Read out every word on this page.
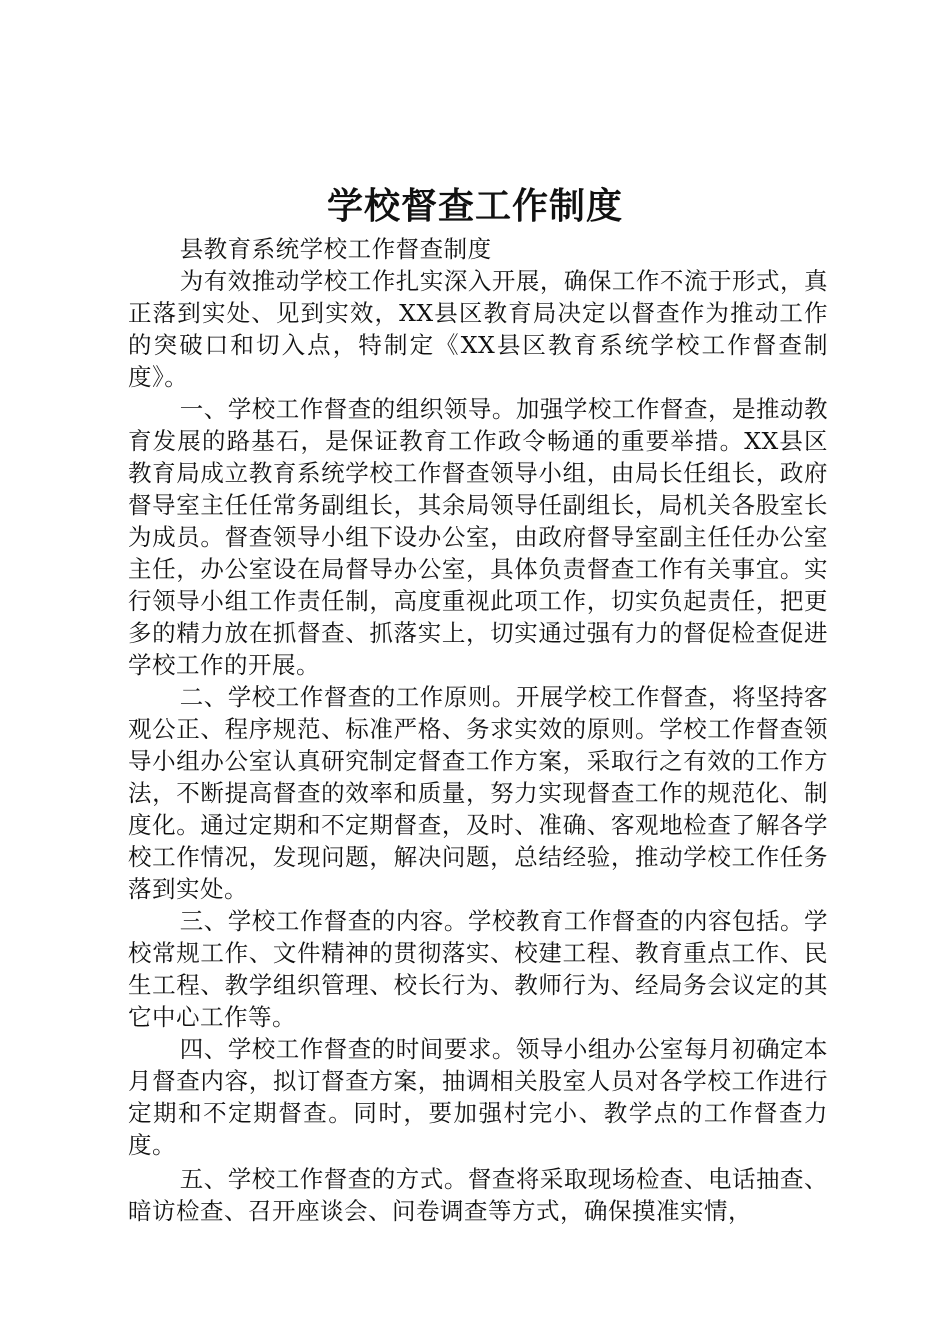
学校督查工作制度

县教育系统学校工作督查制度

为有效推动学校工作扎实深入开展，确保工作不流于形式，真正落到实处、见到实效，XX县区教育局决定以督查作为推动工作的突破口和切入点，特制定《XX县区教育系统学校工作督查制度》。

一、学校工作督查的组织领导。加强学校工作督查，是推动教育发展的路基石，是保证教育工作政令畅通的重要举措。XX县区教育局成立教育系统学校工作督查领导小组，由局长任组长，政府督导室主任任常务副组长，其余局领导任副组长，局机关各股室长为成员。督查领导小组下设办公室，由政府督导室副主任任办公室主任，办公室设在局督导办公室，具体负责督查工作有关事宜。实行领导小组工作责任制，高度重视此项工作，切实负起责任，把更多的精力放在抓督查、抓落实上，切实通过强有力的督促检查促进学校工作的开展。

二、学校工作督查的工作原则。开展学校工作督查，将坚持客观公正、程序规范、标准严格、务求实效的原则。学校工作督查领导小组办公室认真研究制定督查工作方案，采取行之有效的工作方法，不断提高督查的效率和质量，努力实现督查工作的规范化、制度化。通过定期和不定期督查，及时、准确、客观地检查了解各学校工作情况，发现问题，解决问题，总结经验，推动学校工作任务落到实处。

三、学校工作督查的内容。学校教育工作督查的内容包括。学校常规工作、文件精神的贯彻落实、校建工程、教育重点工作、民生工程、教学组织管理、校长行为、教师行为、经局务会议定的其它中心工作等。

四、学校工作督查的时间要求。领导小组办公室每月初确定本月督查内容，拟订督查方案，抽调相关股室人员对各学校工作进行定期和不定期督查。同时，要加强村完小、教学点的工作督查力度。

五、学校工作督查的方式。督查将采取现场检查、电话抽查、暗访检查、召开座谈会、问卷调查等方式，确保摸准实情，
